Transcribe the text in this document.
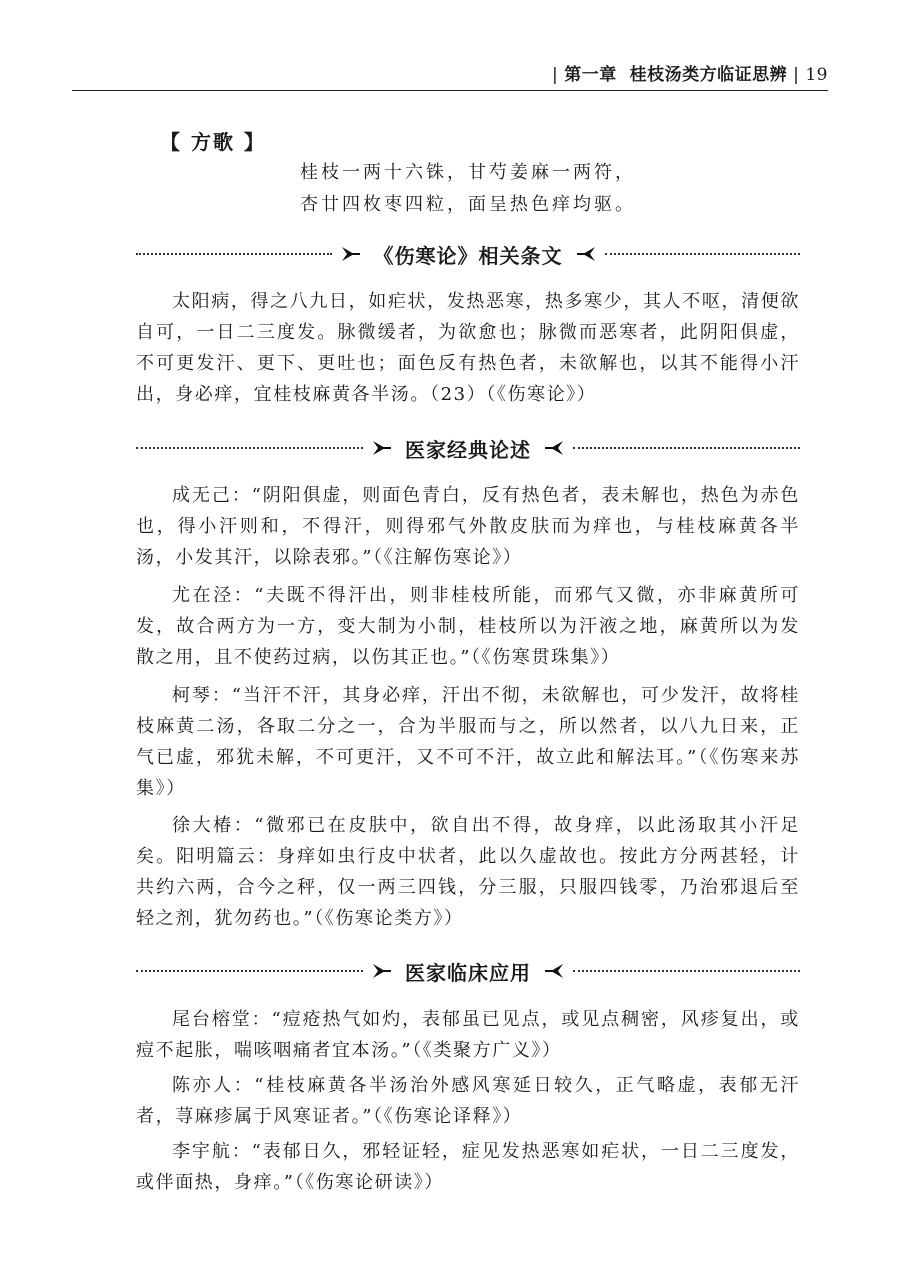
| 第一章 桂枝汤类方临证思辨 | 19
【 方歌 】
桂枝一两十六铢，甘芍姜麻一两符，
杏廿四枚枣四粒，面呈热色痒均驱。
《伤寒论》相关条文

太阳病，得之八九日，如疟状，发热恶寒，热多寒少，其人不呕，清便欲自可，一日二三度发。脉微缓者，为欲愈也；脉微而恶寒者，此阴阳俱虚，不可更发汗、更下、更吐也；面色反有热色者，未欲解也，以其不能得小汗出，身必痒，宜桂枝麻黄各半汤。（23）（《伤寒论》）

医家经典论述

成无己：“阴阳俱虚，则面色青白，反有热色者，表未解也，热色为赤色也，得小汗则和，不得汗，则得邪气外散皮肤而为痒也，与桂枝麻黄各半汤，小发其汗，以除表邪。”（《注解伤寒论》）

尤在泾：“夫既不得汗出，则非桂枝所能，而邪气又微，亦非麻黄所可发，故合两方为一方，变大制为小制，桂枝所以为汗液之地，麻黄所以为发散之用，且不使药过病，以伤其正也。”（《伤寒贯珠集》）

柯琴：“当汗不汗，其身必痒，汗出不彻，未欲解也，可少发汗，故将桂枝麻黄二汤，各取二分之一，合为半服而与之，所以然者，以八九日来，正气已虚，邪犹未解，不可更汗，又不可不汗，故立此和解法耳。”（《伤寒来苏集》）

徐大椿：“微邪已在皮肤中，欲自出不得，故身痒，以此汤取其小汗足矣。阳明篇云：身痒如虫行皮中状者，此以久虚故也。按此方分两甚轻，计共约六两，合今之秤，仅一两三四钱，分三服，只服四钱零，乃治邪退后至轻之剂，犹勿药也。”（《伤寒论类方》）

医家临床应用

尾台榕堂：“痘疮热气如灼，表郁虽已见点，或见点稠密，风疹复出，或痘不起胀，喘咳咽痛者宜本汤。”（《类聚方广义》）

陈亦人：“桂枝麻黄各半汤治外感风寒延日较久，正气略虚，表郁无汗者，荨麻疹属于风寒证者。”（《伤寒论译释》）

李宇航：“表郁日久，邪轻证轻，症见发热恶寒如疟状，一日二三度发，或伴面热，身痒。”（《伤寒论研读》）
